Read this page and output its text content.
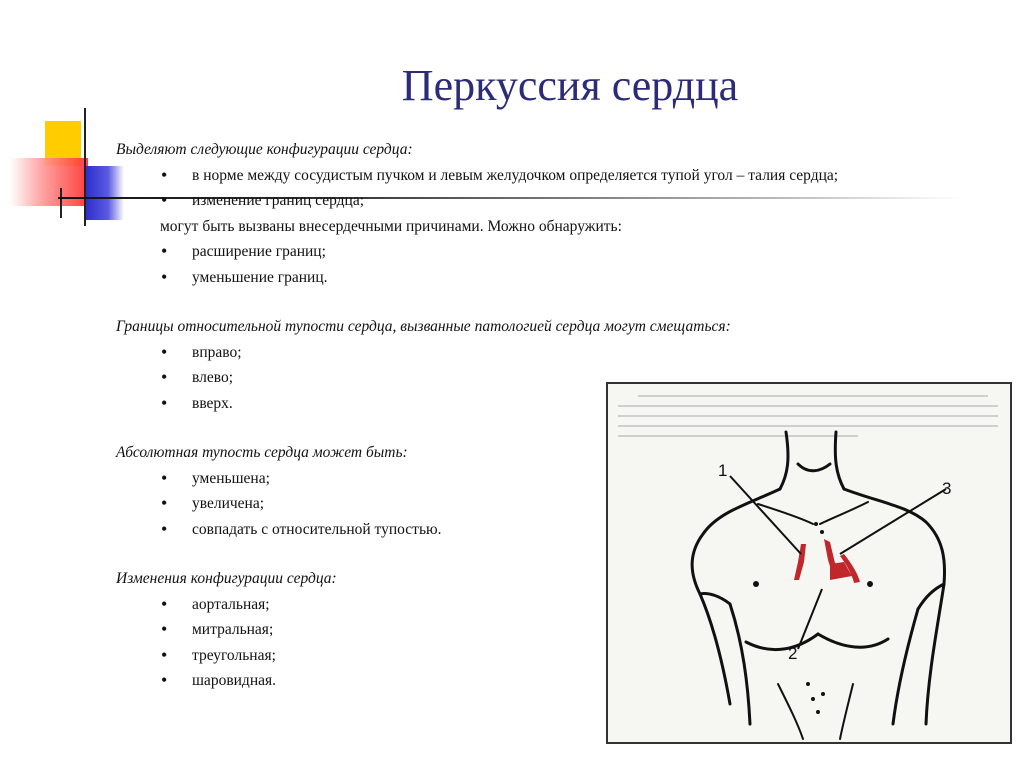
Перкуссия сердца

Выделяют следующие конфигурации сердца:

• в норме между сосудистым пучком и левым желудочком определяется тупой угол – талия сердца;
• изменение границ сердца;

могут быть вызваны внесердечными причинами. Можно обнаружить:

• расширение границ;
• уменьшение границ.

Границы относительной тупости сердца, вызванные патологией сердца могут смещаться:

• вправо;
• влево;
• вверх.

Абсолютная тупость сердца может быть:

• уменьшена;
• увеличена;
• совпадать с относительной тупостью.

Изменения конфигурации сердца:

• аортальная;
• митральная;
• треугольная;
• шаровидная.
1
3
2
